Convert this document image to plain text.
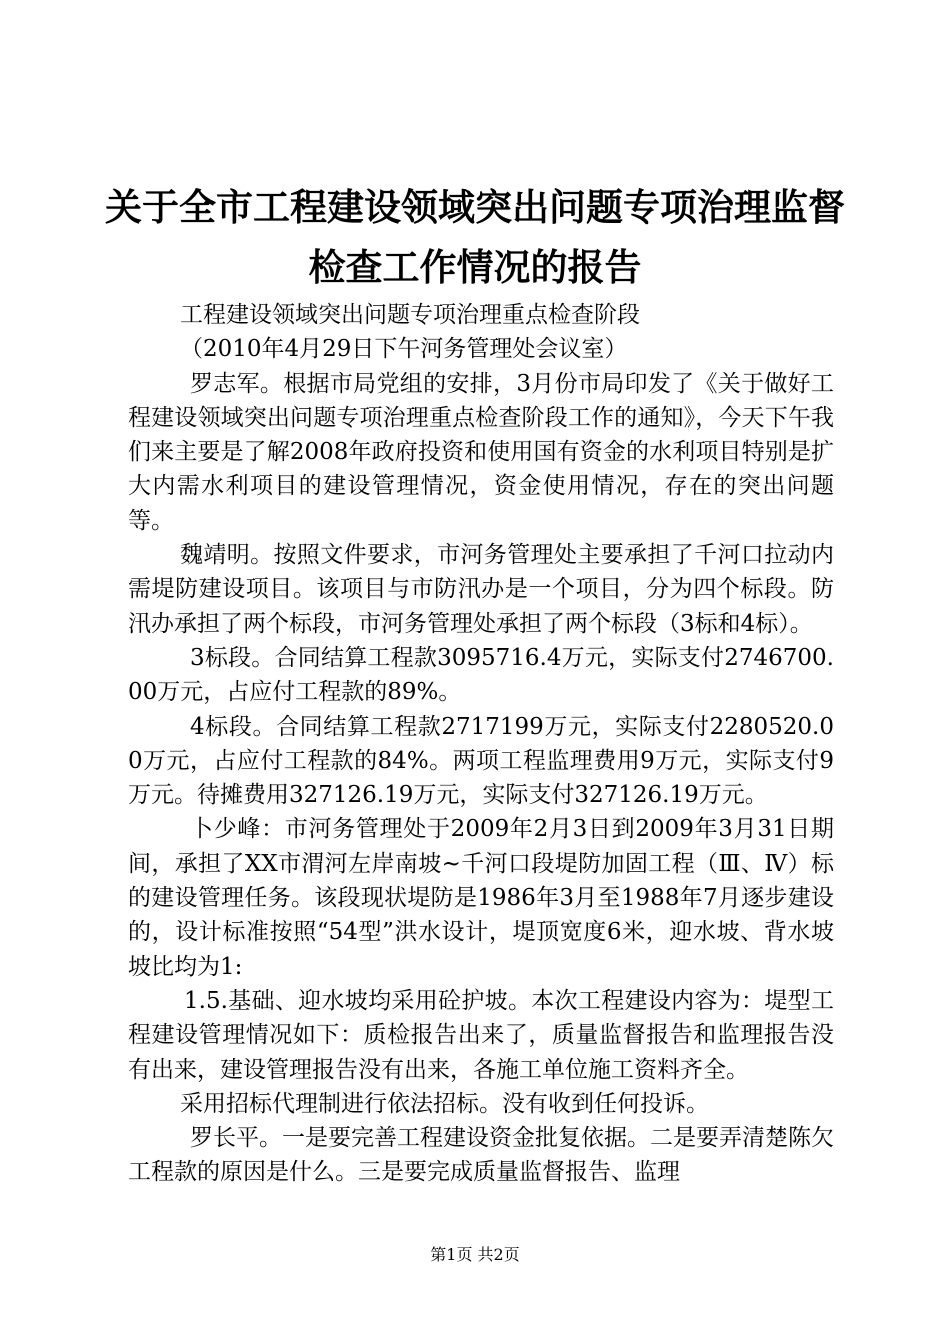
关于全市工程建设领域突出问题专项治理监督
检查工作情况的报告

工程建设领域突出问题专项治理重点检查阶段

（2010年4月29日下午河务管理处会议室）

罗志军。根据市局党组的安排，3月份市局印发了《关于做好工程建设领域突出问题专项治理重点检查阶段工作的通知》，今天下午我们来主要是了解2008年政府投资和使用国有资金的水利项目特别是扩大内需水利项目的建设管理情况，资金使用情况，存在的突出问题等。

魏靖明。按照文件要求，市河务管理处主要承担了千河口拉动内需堤防建设项目。该项目与市防汛办是一个项目，分为四个标段。防汛办承担了两个标段，市河务管理处承担了两个标段（3标和4标）。

3标段。合同结算工程款3095716.4万元，实际支付2746700.00万元，占应付工程款的89%。

4标段。合同结算工程款2717199万元，实际支付2280520.00万元，占应付工程款的84%。两项工程监理费用9万元，实际支付9万元。待摊费用327126.19万元，实际支付327126.19万元。

卜少峰：市河务管理处于2009年2月3日到2009年3月31日期间，承担了XX市渭河左岸南坡~千河口段堤防加固工程（Ⅲ、Ⅳ）标的建设管理任务。该段现状堤防是1986年3月至1988年7月逐步建设的，设计标准按照“54型”洪水设计，堤顶宽度6米，迎水坡、背水坡坡比均为1:

1.5.基础、迎水坡均采用砼护坡。本次工程建设内容为：堤型工程建设管理情况如下：质检报告出来了，质量监督报告和监理报告没有出来，建设管理报告没有出来，各施工单位施工资料齐全。

采用招标代理制进行依法招标。没有收到任何投诉。

罗长平。一是要完善工程建设资金批复依据。二是要弄清楚陈欠工程款的原因是什么。三是要完成质量监督报告、监理

第1页 共2页
